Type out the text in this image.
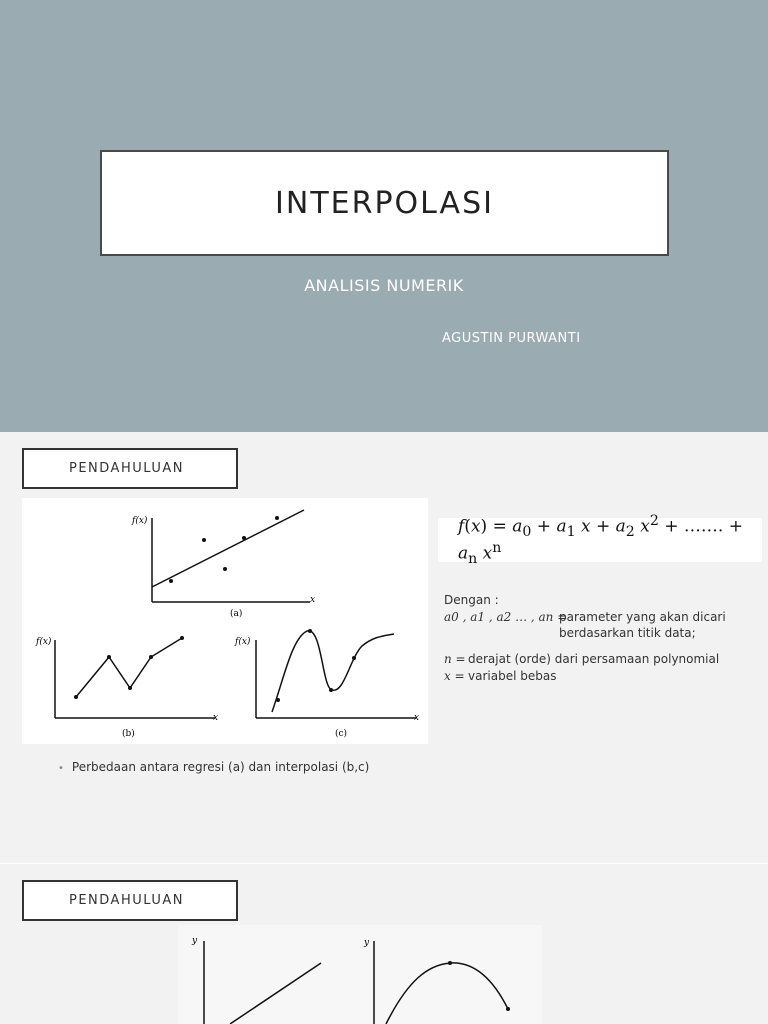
INTERPOLASI
ANALISIS NUMERIK
AGUSTIN PURWANTI
PENDAHULUAN
f(x)
x
(a)
f(x)
x
(b)
f(x)
x
(c)
$f(x) = a_0 + a_1$ $x + a_2$ $x^2$ + ……. + $a_n$ $x^n$
Dengan :
a0 , a1 , a2 … , an =
parameter yang akan dicari
berdasarkan titik data;
n = derajat (orde) dari persamaan polynomial
x = variabel bebas
• Perbedaan antara regresi (a) dan interpolasi (b,c)
PENDAHULUAN
y	y
